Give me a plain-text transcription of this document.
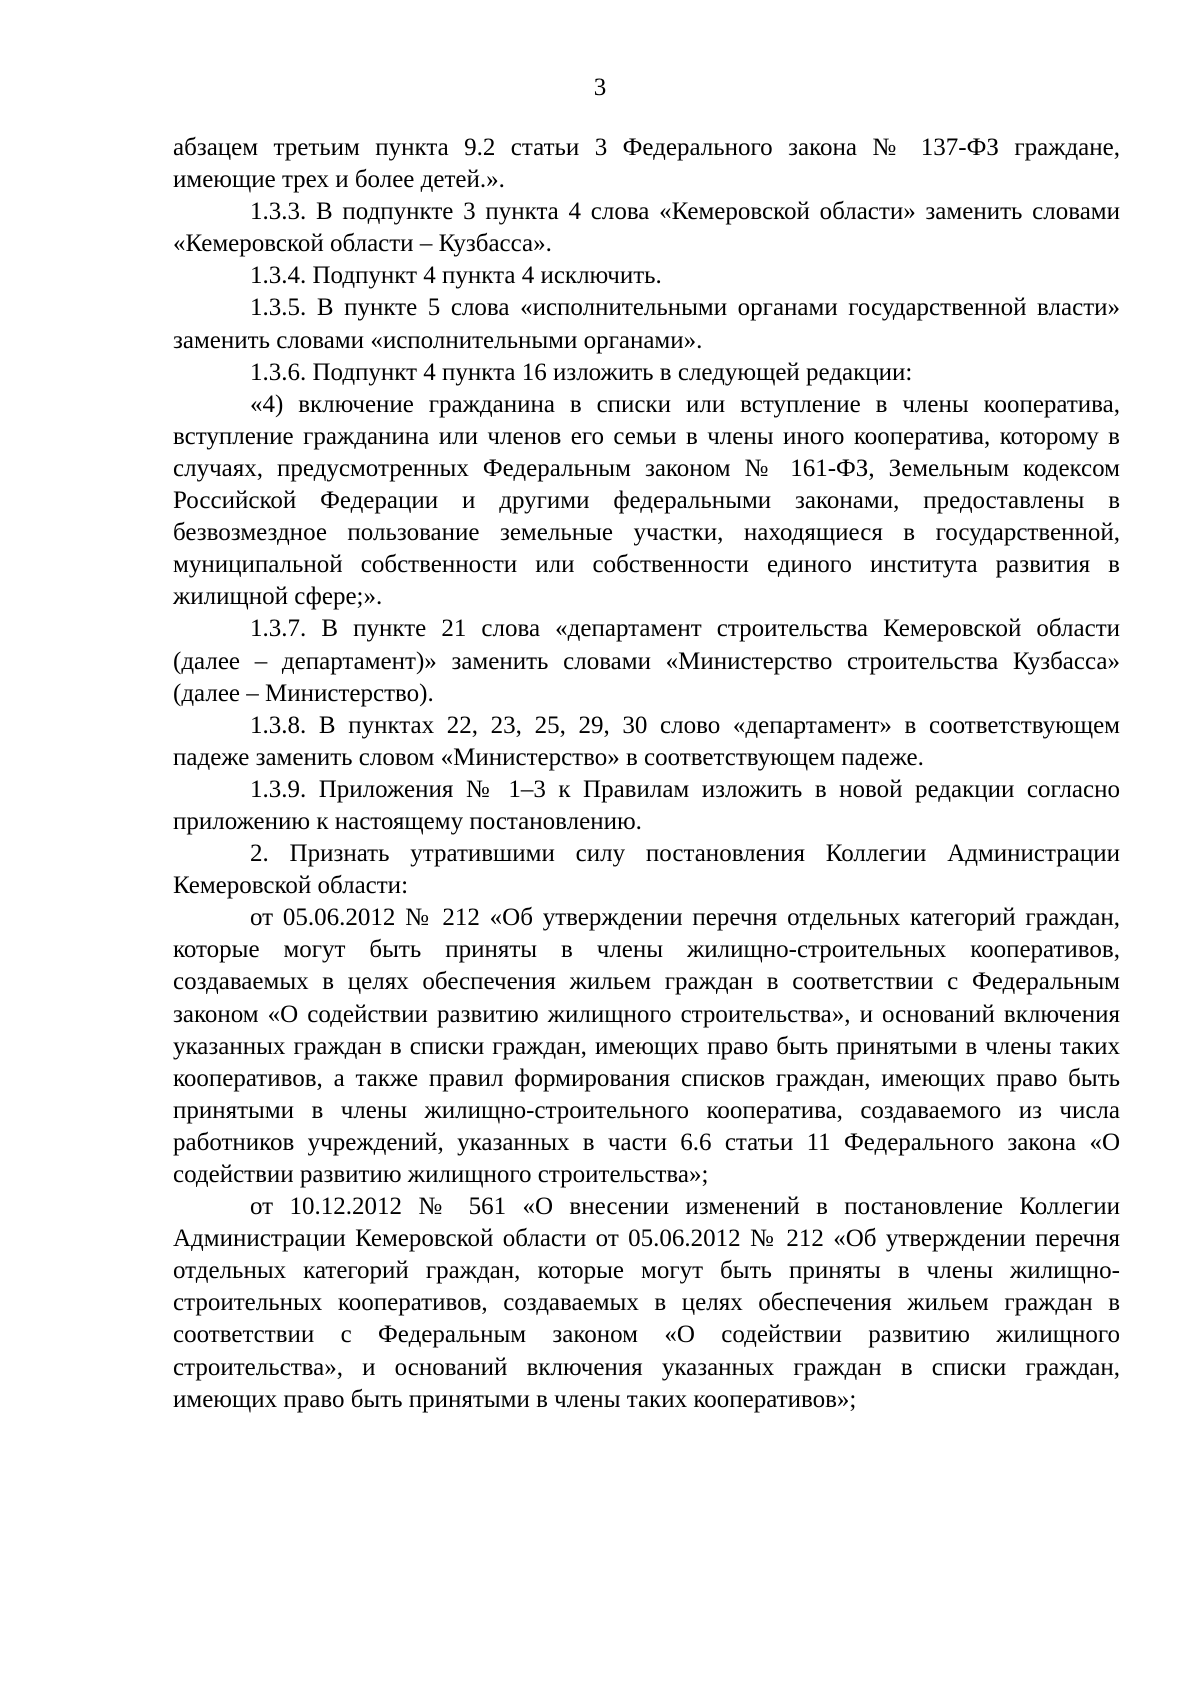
3

абзацем третьим пункта 9.2 статьи 3 Федерального закона № 137-ФЗ граждане, имеющие трех и более детей.».

1.3.3. В подпункте 3 пункта 4 слова «Кемеровской области» заменить словами «Кемеровской области – Кузбасса».

1.3.4. Подпункт 4 пункта 4 исключить.

1.3.5. В пункте 5 слова «исполнительными органами государственной власти» заменить словами «исполнительными органами».

1.3.6. Подпункт 4 пункта 16 изложить в следующей редакции:

«4) включение гражданина в списки или вступление в члены кооператива, вступление гражданина или членов его семьи в члены иного кооператива, которому в случаях, предусмотренных Федеральным законом № 161-ФЗ, Земельным кодексом Российской Федерации и другими федеральными законами, предоставлены в безвозмездное пользование земельные участки, находящиеся в государственной, муниципальной собственности или собственности единого института развития в жилищной сфере;».

1.3.7. В пункте 21 слова «департамент строительства Кемеровской области (далее – департамент)» заменить словами «Министерство строительства Кузбасса» (далее – Министерство).

1.3.8. В пунктах 22, 23, 25, 29, 30 слово «департамент» в соответствующем падеже заменить словом «Министерство» в соответствующем падеже.

1.3.9. Приложения № 1–3 к Правилам изложить в новой редакции согласно приложению к настоящему постановлению.

2. Признать утратившими силу постановления Коллегии Администрации Кемеровской области:

от 05.06.2012 № 212 «Об утверждении перечня отдельных категорий граждан, которые могут быть приняты в члены жилищно-строительных кооперативов, создаваемых в целях обеспечения жильем граждан в соответствии с Федеральным законом «О содействии развитию жилищного строительства», и оснований включения указанных граждан в списки граждан, имеющих право быть принятыми в члены таких кооперативов, а также правил формирования списков граждан, имеющих право быть принятыми в члены жилищно-строительного кооператива, создаваемого из числа работников учреждений, указанных в части 6.6 статьи 11 Федерального закона «О содействии развитию жилищного строительства»;

от 10.12.2012 № 561 «О внесении изменений в постановление Коллегии Администрации Кемеровской области от 05.06.2012 № 212 «Об утверждении перечня отдельных категорий граждан, которые могут быть приняты в члены жилищно-строительных кооперативов, создаваемых в целях обеспечения жильем граждан в соответствии с Федеральным законом «О содействии развитию жилищного строительства», и оснований включения указанных граждан в списки граждан, имеющих право быть принятыми в члены таких кооперативов»;
